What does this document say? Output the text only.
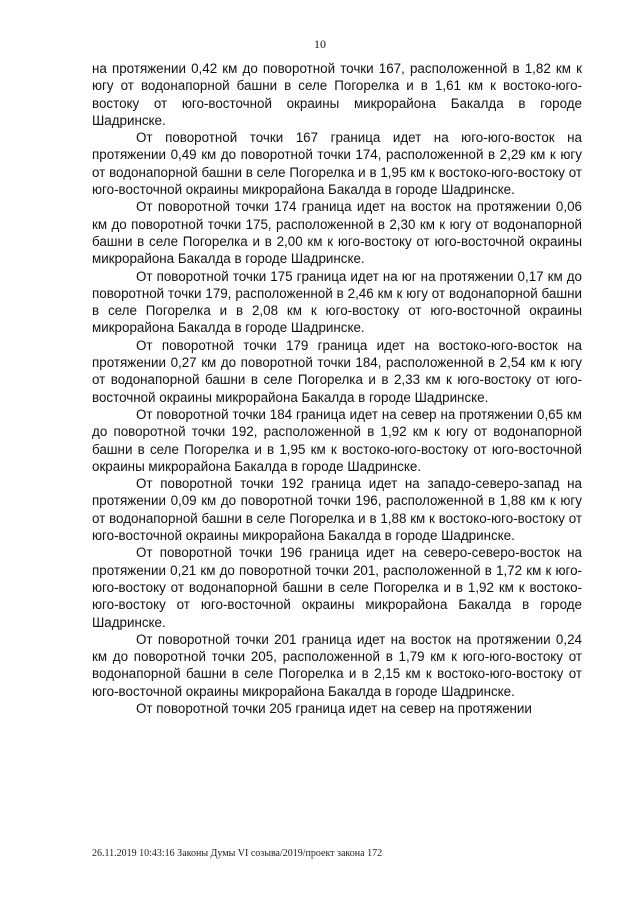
10

на протяжении 0,42 км до поворотной точки 167, расположенной в 1,82 км к югу от водонапорной башни в селе Погорелка и в 1,61 км к востоко-юго-востоку от юго-восточной окраины микрорайона Бакалда в городе Шадринске.

От поворотной точки 167 граница идет на юго-юго-восток на протяжении 0,49 км до поворотной точки 174, расположенной в 2,29 км к югу от водонапорной башни в селе Погорелка и в 1,95 км к востоко-юго-востоку от юго-восточной окраины микрорайона Бакалда в городе Шадринске.

От поворотной точки 174 граница идет на восток на протяжении 0,06 км до поворотной точки 175, расположенной в 2,30 км к югу от водонапорной башни в селе Погорелка и в 2,00 км к юго-востоку от юго-восточной окраины микрорайона Бакалда в городе Шадринске.

От поворотной точки 175 граница идет на юг на протяжении 0,17 км до поворотной точки 179, расположенной в 2,46 км к югу от водонапорной башни в селе Погорелка и в 2,08 км к юго-востоку от юго-восточной окраины микрорайона Бакалда в городе Шадринске.

От поворотной точки 179 граница идет на востоко-юго-восток на протяжении 0,27 км до поворотной точки 184, расположенной в 2,54 км к югу от водонапорной башни в селе Погорелка и в 2,33 км к юго-востоку от юго-восточной окраины микрорайона Бакалда в городе Шадринске.

От поворотной точки 184 граница идет на север на протяжении 0,65 км до поворотной точки 192, расположенной в 1,92 км к югу от водонапорной башни в селе Погорелка и в 1,95 км к востоко-юго-востоку от юго-восточной окраины микрорайона Бакалда в городе Шадринске.

От поворотной точки 192 граница идет на западо-северо-запад на протяжении 0,09 км до поворотной точки 196, расположенной в 1,88 км к югу от водонапорной башни в селе Погорелка и в 1,88 км к востоко-юго-востоку от юго-восточной окраины микрорайона Бакалда в городе Шадринске.

От поворотной точки 196 граница идет на северо-северо-восток на протяжении 0,21 км до поворотной точки 201, расположенной в 1,72 км к юго-юго-востоку от водонапорной башни в селе Погорелка и в 1,92 км к востоко-юго-востоку от юго-восточной окраины микрорайона Бакалда в городе Шадринске.

От поворотной точки 201 граница идет на восток на протяжении 0,24 км до поворотной точки 205, расположенной в 1,79 км к юго-юго-востоку от водонапорной башни в селе Погорелка и в 2,15 км к востоко-юго-востоку от юго-восточной окраины микрорайона Бакалда в городе Шадринске.

От поворотной точки 205 граница идет на север на протяжении

26.11.2019 10:43:16 Законы Думы VI созыва/2019/проект закона 172
